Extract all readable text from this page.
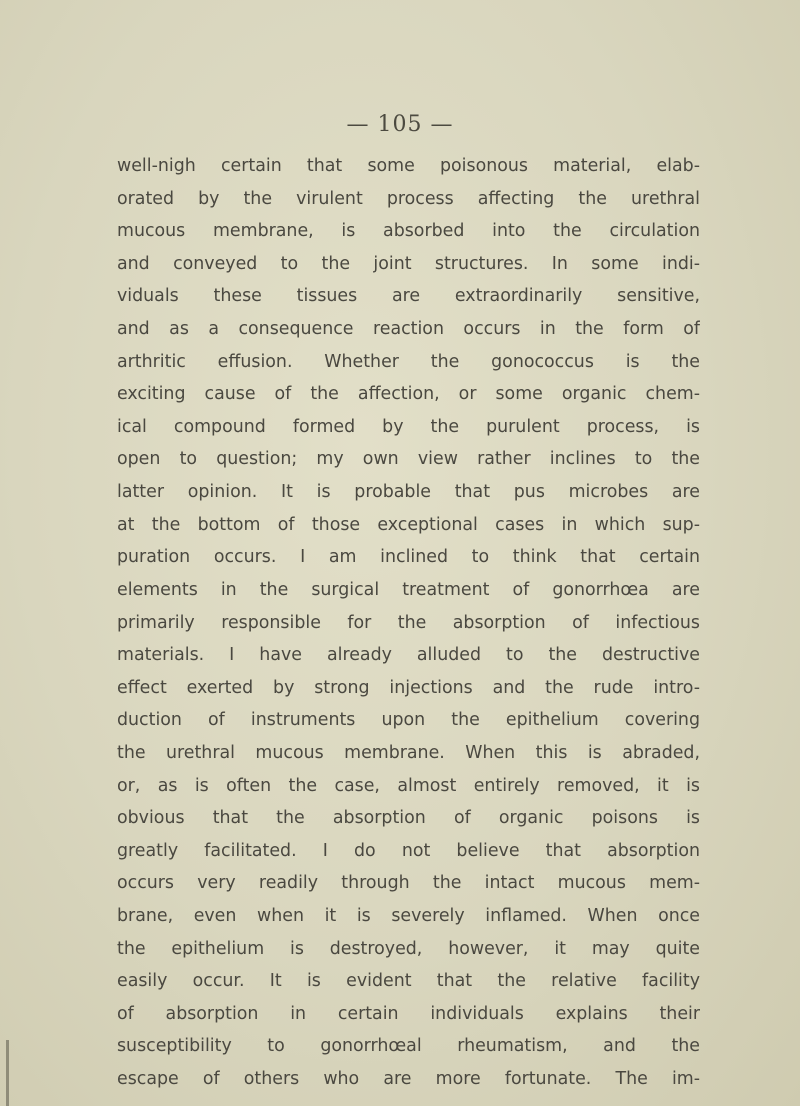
— 105 —
well-nigh certain that some poisonous material, elab-
orated by the virulent process affecting the urethral
mucous membrane, is absorbed into the circulation
and conveyed to the joint structures. In some indi-
viduals these tissues are extraordinarily sensitive,
and as a consequence reaction occurs in the form of
arthritic effusion. Whether the gonococcus is the
exciting cause of the affection, or some organic chem-
ical compound formed by the purulent process, is
open to question; my own view rather inclines to the
latter opinion. It is probable that pus microbes are
at the bottom of those exceptional cases in which sup-
puration occurs. I am inclined to think that certain
elements in the surgical treatment of gonorrhœa are
primarily responsible for the absorption of infectious
materials. I have already alluded to the destructive
effect exerted by strong injections and the rude intro-
duction of instruments upon the epithelium covering
the urethral mucous membrane. When this is abraded,
or, as is often the case, almost entirely removed, it is
obvious that the absorption of organic poisons is
greatly facilitated. I do not believe that absorption
occurs very readily through the intact mucous mem-
brane, even when it is severely inflamed. When once
the epithelium is destroyed, however, it may quite
easily occur. It is evident that the relative facility
of absorption in certain individuals explains their
susceptibility to gonorrhœal rheumatism, and the
escape of others who are more fortunate. The im-
